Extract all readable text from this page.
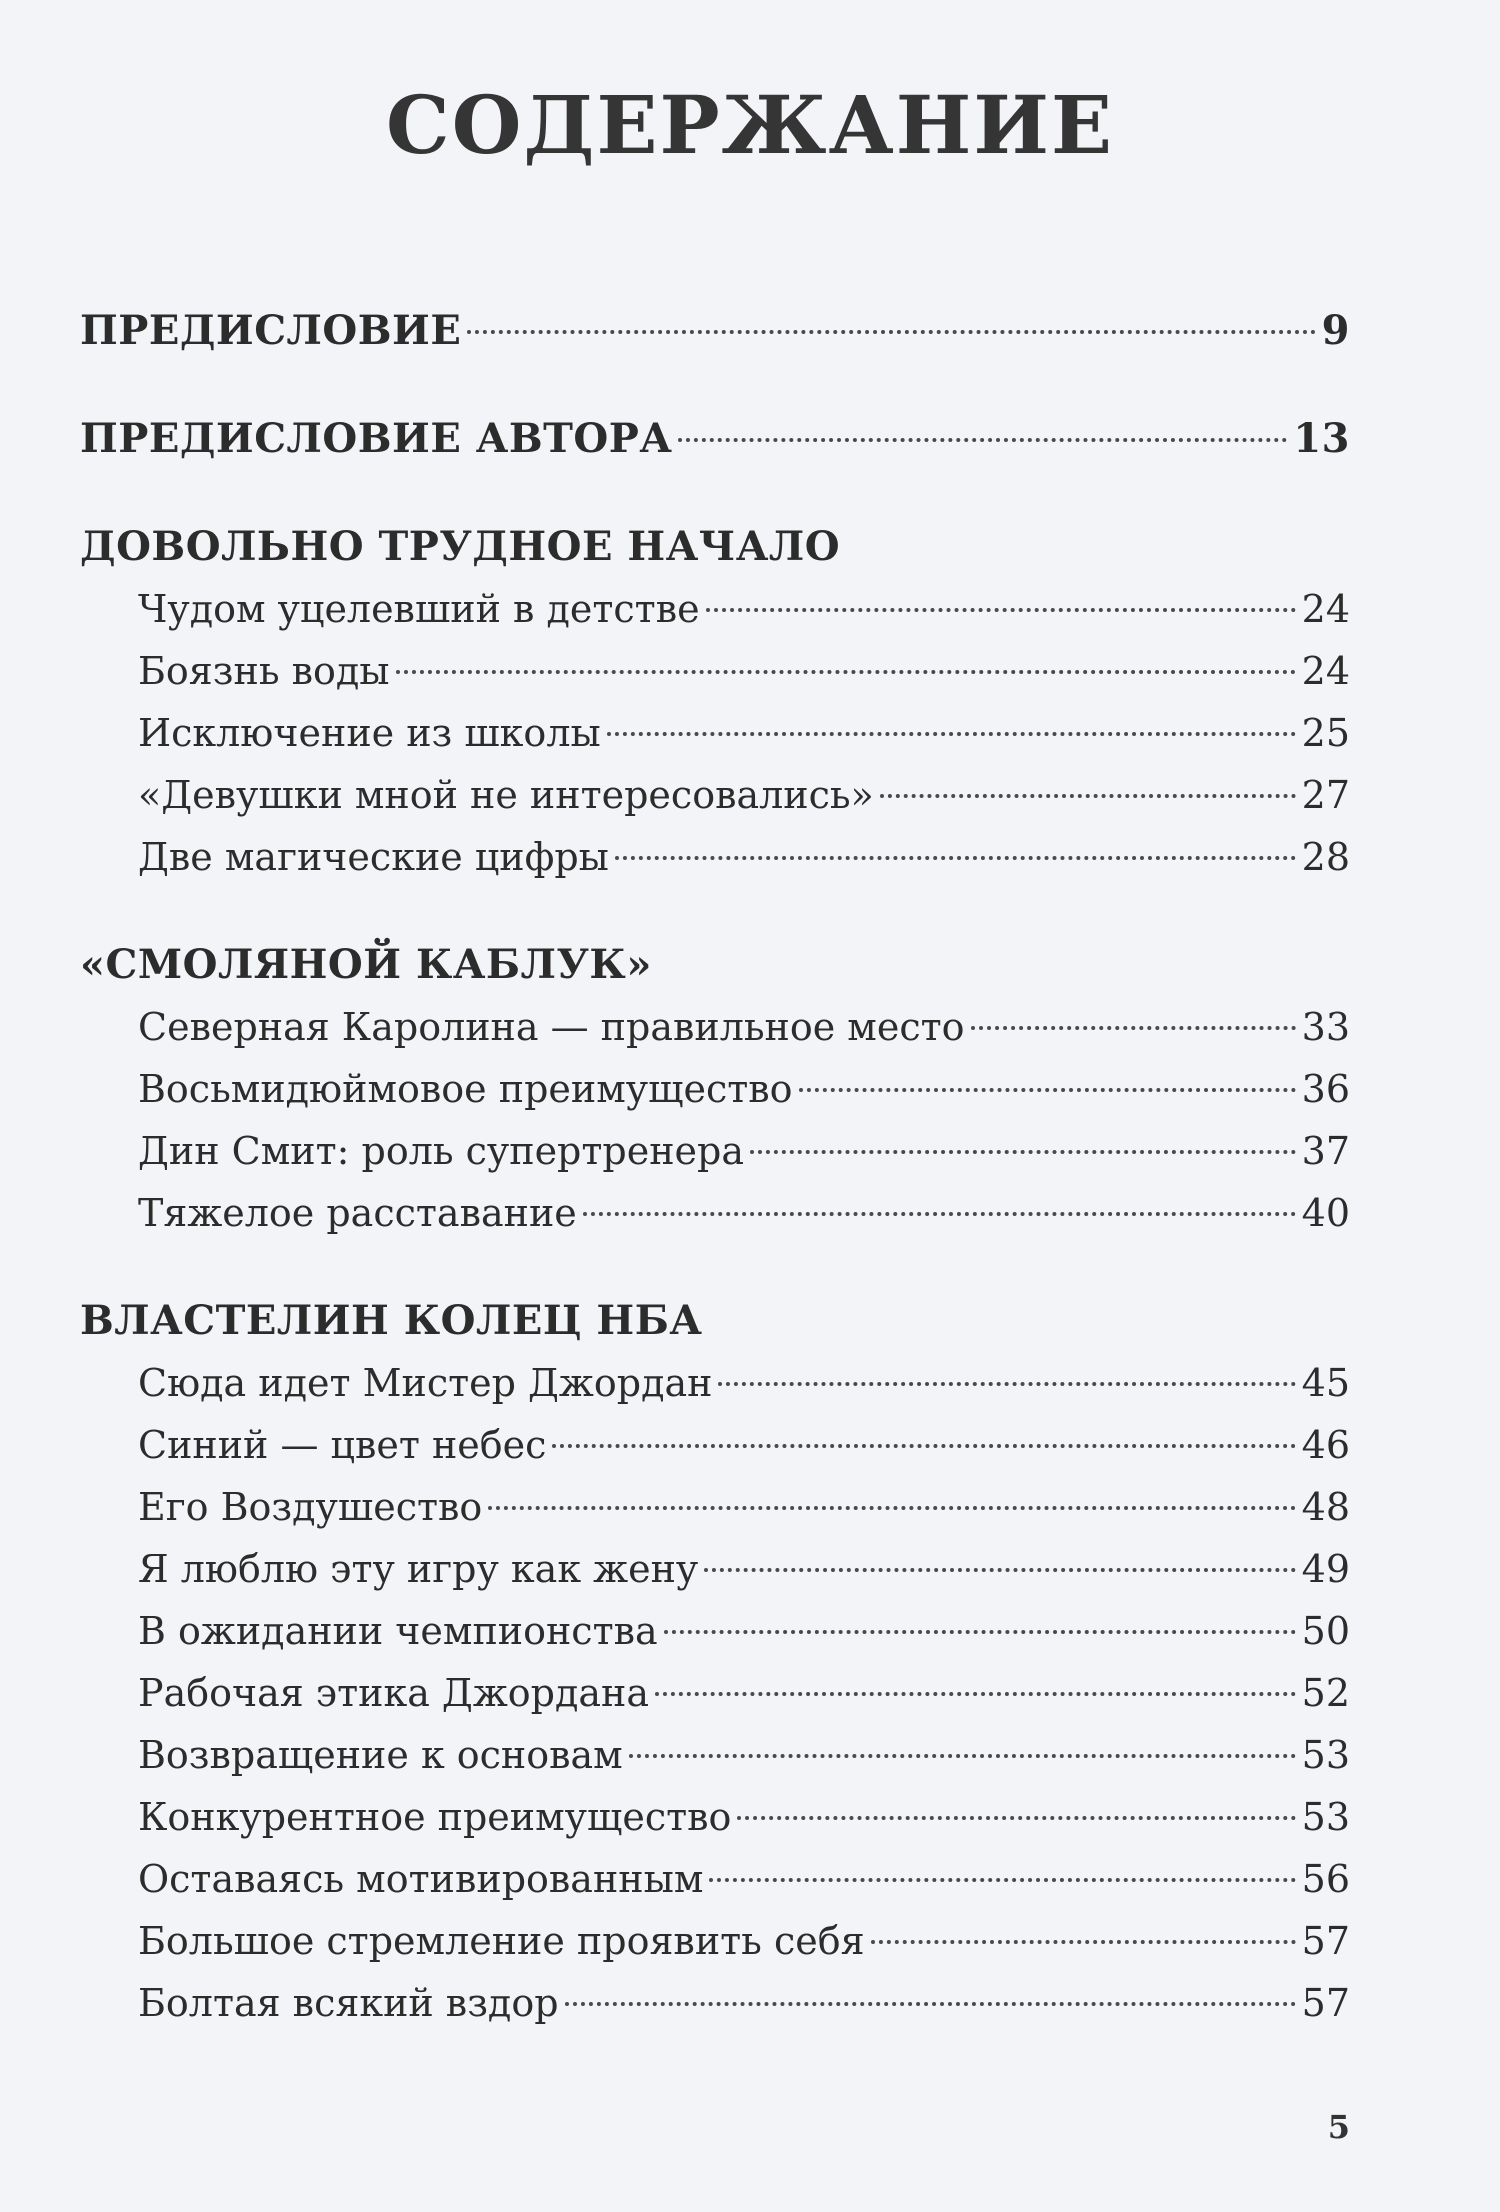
СОДЕРЖАНИЕ
ПРЕДИСЛОВИЕ	9
ПРЕДИСЛОВИЕ АВТОРА	13
ДОВОЛЬНО ТРУДНОЕ НАЧАЛО
Чудом уцелевший в детстве	24
Боязнь воды	24
Исключение из школы	25
«Девушки мной не интересовались»	27
Две магические цифры	28
«СМОЛЯНОЙ КАБЛУК»
Северная Каролина — правильное место	33
Восьмидюймовое преимущество	36
Дин Смит: роль супертренера	37
Тяжелое расставание	40
ВЛАСТЕЛИН КОЛЕЦ НБА
Сюда идет Мистер Джордан	45
Синий — цвет небес	46
Его Воздушество	48
Я люблю эту игру как жену	49
В ожидании чемпионства	50
Рабочая этика Джордана	52
Возвращение к основам	53
Конкурентное преимущество	53
Оставаясь мотивированным	56
Большое стремление проявить себя	57
Болтая всякий вздор	57
5
